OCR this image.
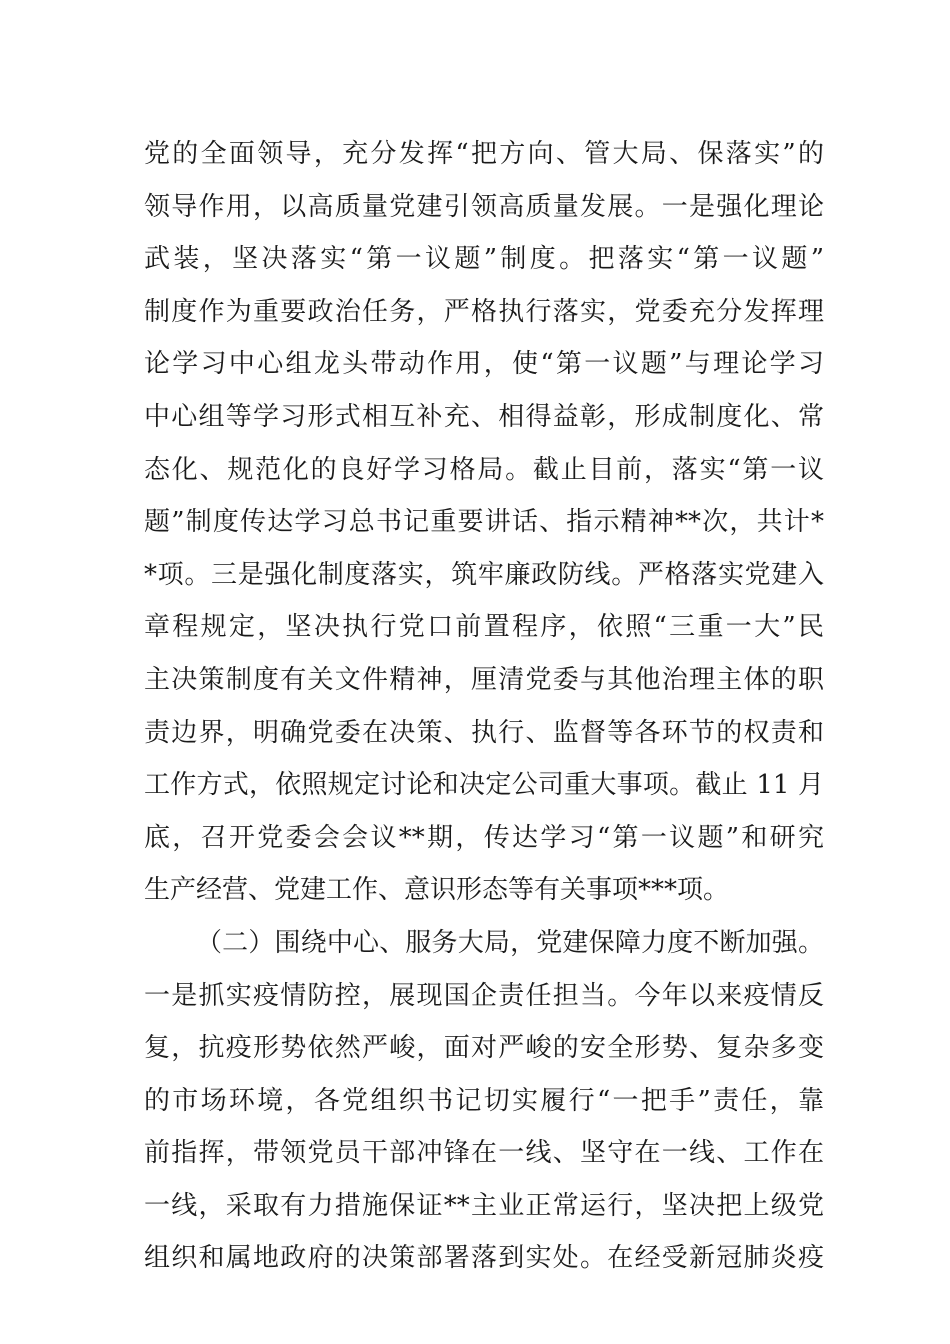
党的全面领导，充分发挥“把方向、管大局、保落实”的
领导作用，以高质量党建引领高质量发展。一是强化理论
武装，坚决落实“第一议题”制度。把落实“第一议题”
制度作为重要政治任务，严格执行落实，党委充分发挥理
论学习中心组龙头带动作用，使“第一议题”与理论学习
中心组等学习形式相互补充、相得益彰，形成制度化、常
态化、规范化的良好学习格局。截止目前，落实“第一议
题”制度传达学习总书记重要讲话、指示精神**次，共计*
*项。三是强化制度落实，筑牢廉政防线。严格落实党建入
章程规定，坚决执行党口前置程序，依照“三重一大”民
主决策制度有关文件精神，厘清党委与其他治理主体的职
责边界，明确党委在决策、执行、监督等各环节的权责和
工作方式，依照规定讨论和决定公司重大事项。截止 11 月
底，召开党委会会议**期，传达学习“第一议题”和研究
生产经营、党建工作、意识形态等有关事项***项。
（二）围绕中心、服务大局，党建保障力度不断加强。
一是抓实疫情防控，展现国企责任担当。今年以来疫情反
复，抗疫形势依然严峻，面对严峻的安全形势、复杂多变
的市场环境，各党组织书记切实履行“一把手”责任，靠
前指挥，带领党员干部冲锋在一线、坚守在一线、工作在
一线，采取有力措施保证**主业正常运行，坚决把上级党
组织和属地政府的决策部署落到实处。在经受新冠肺炎疫
